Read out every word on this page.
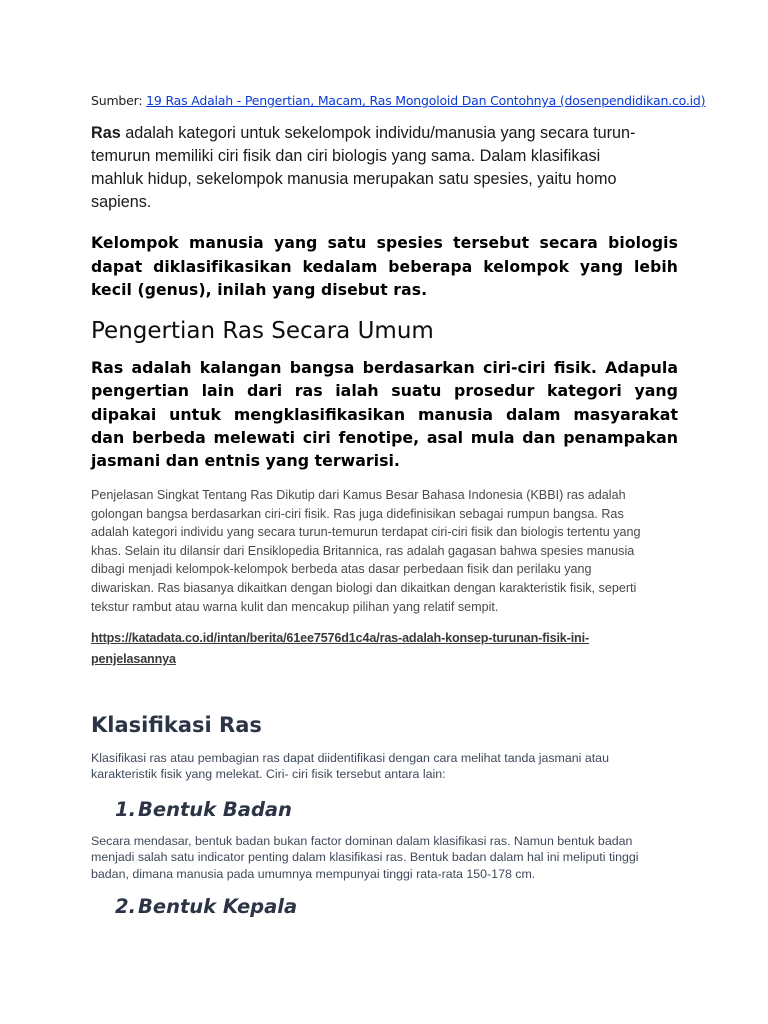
Sumber: 19 Ras Adalah - Pengertian, Macam, Ras Mongoloid Dan Contohnya (dosenpendidikan.co.id)

Ras adalah kategori untuk sekelompok individu/manusia yang secara turun-temurun memiliki ciri fisik dan ciri biologis yang sama. Dalam klasifikasi mahluk hidup, sekelompok manusia merupakan satu spesies, yaitu homo sapiens.

Kelompok manusia yang satu spesies tersebut secara biologis dapat diklasifikasikan kedalam beberapa kelompok yang lebih kecil (genus), inilah yang disebut ras.

Pengertian Ras Secara Umum

Ras adalah kalangan bangsa berdasarkan ciri-ciri fisik. Adapula pengertian lain dari ras ialah suatu prosedur kategori yang dipakai untuk mengklasifikasikan manusia dalam masyarakat dan berbeda melewati ciri fenotipe, asal mula dan penampakan jasmani dan entnis yang terwarisi.

Penjelasan Singkat Tentang Ras Dikutip dari Kamus Besar Bahasa Indonesia (KBBI) ras adalah golongan bangsa berdasarkan ciri-ciri fisik. Ras juga didefinisikan sebagai rumpun bangsa. Ras adalah kategori individu yang secara turun-temurun terdapat ciri-ciri fisik dan biologis tertentu yang khas. Selain itu dilansir dari Ensiklopedia Britannica, ras adalah gagasan bahwa spesies manusia dibagi menjadi kelompok-kelompok berbeda atas dasar perbedaan fisik dan perilaku yang diwariskan. Ras biasanya dikaitkan dengan biologi dan dikaitkan dengan karakteristik fisik, seperti tekstur rambut atau warna kulit dan mencakup pilihan yang relatif sempit.

https://katadata.co.id/intan/berita/61ee7576d1c4a/ras-adalah-konsep-turunan-fisik-ini-penjelasannya
Klasifikasi Ras

Klasifikasi ras atau pembagian ras dapat diidentifikasi dengan cara melihat tanda jasmani atau karakteristik fisik yang melekat. Ciri- ciri fisik tersebut antara lain:

1. Bentuk Badan

Secara mendasar, bentuk badan bukan factor dominan dalam klasifikasi ras. Namun bentuk badan menjadi salah satu indicator penting dalam klasifikasi ras. Bentuk badan dalam hal ini meliputi tinggi badan, dimana manusia pada umumnya mempunyai tinggi rata-rata 150-178 cm.

2. Bentuk Kepala
